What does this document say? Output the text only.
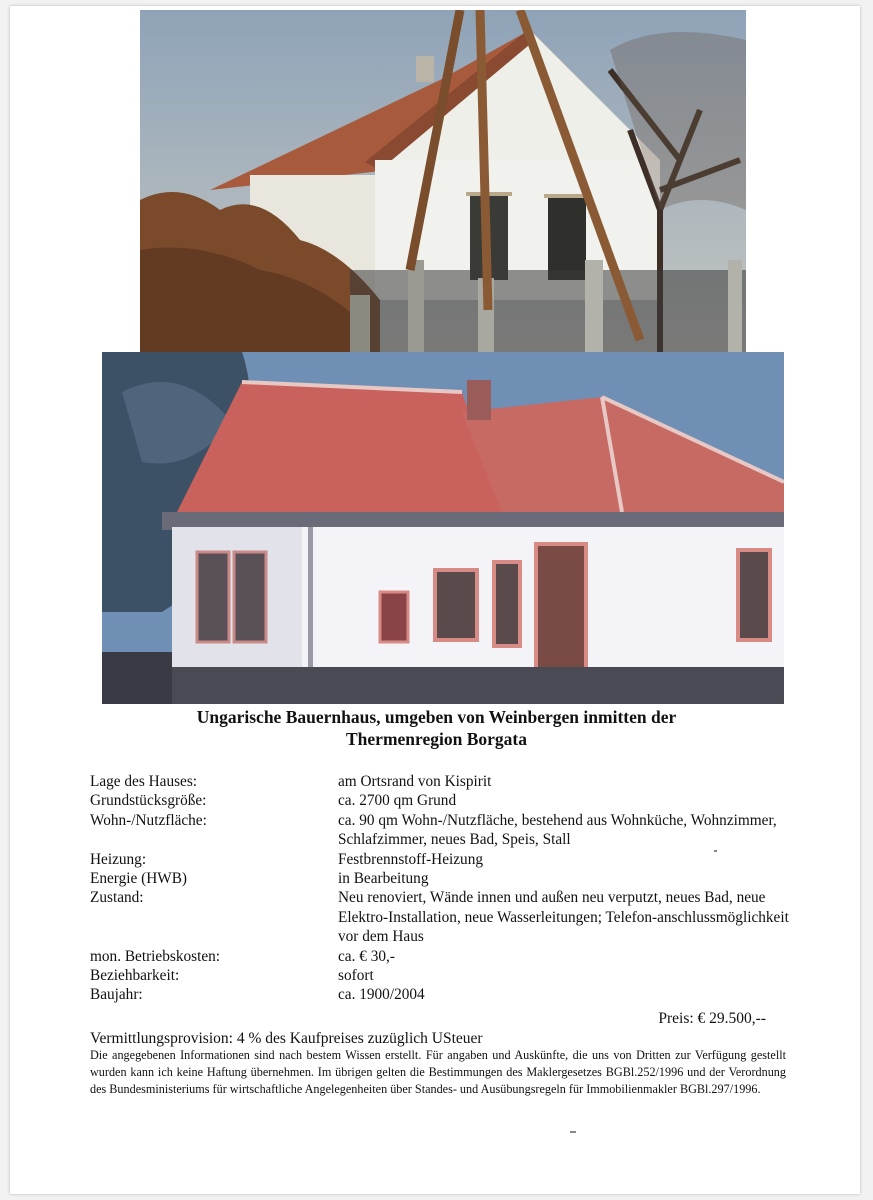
Ungarische Bauernhaus, umgeben von Weinbergen inmitten der
Thermenregion Borgata
Lage des Hauses:	am Ortsrand von Kispirit
Grundstücksgröße:	ca. 2700 qm Grund
Wohn-/Nutzfläche:	ca. 90 qm Wohn-/Nutzfläche, bestehend aus Wohnküche, Wohnzimmer, Schlafzimmer, neues Bad, Speis, Stall
Heizung:	Festbrennstoff-Heizung
Energie (HWB)	in Bearbeitung
Zustand:	Neu renoviert, Wände innen und außen neu verputzt, neues Bad, neue Elektro-Installation, neue Wasserleitungen; Telefon-anschlussmöglichkeit vor dem Haus
mon. Betriebskosten:	ca. € 30,-
Beziehbarkeit:	sofort
Baujahr:	ca. 1900/2004
Preis: € 29.500,--
Vermittlungsprovision: 4 % des Kaufpreises zuzüglich USteuer
Die angegebenen Informationen sind nach bestem Wissen erstellt. Für angaben und Auskünfte, die uns von Dritten zur Verfügung gestellt wurden kann ich keine Haftung übernehmen. Im übrigen gelten die Bestimmungen des Maklergesetzes BGBl.252/1996 und der Verordnung des Bundesministeriums für wirtschaftliche Angelegenheiten über Standes- und Ausübungsregeln für Immobilienmakler BGBl.297/1996.
